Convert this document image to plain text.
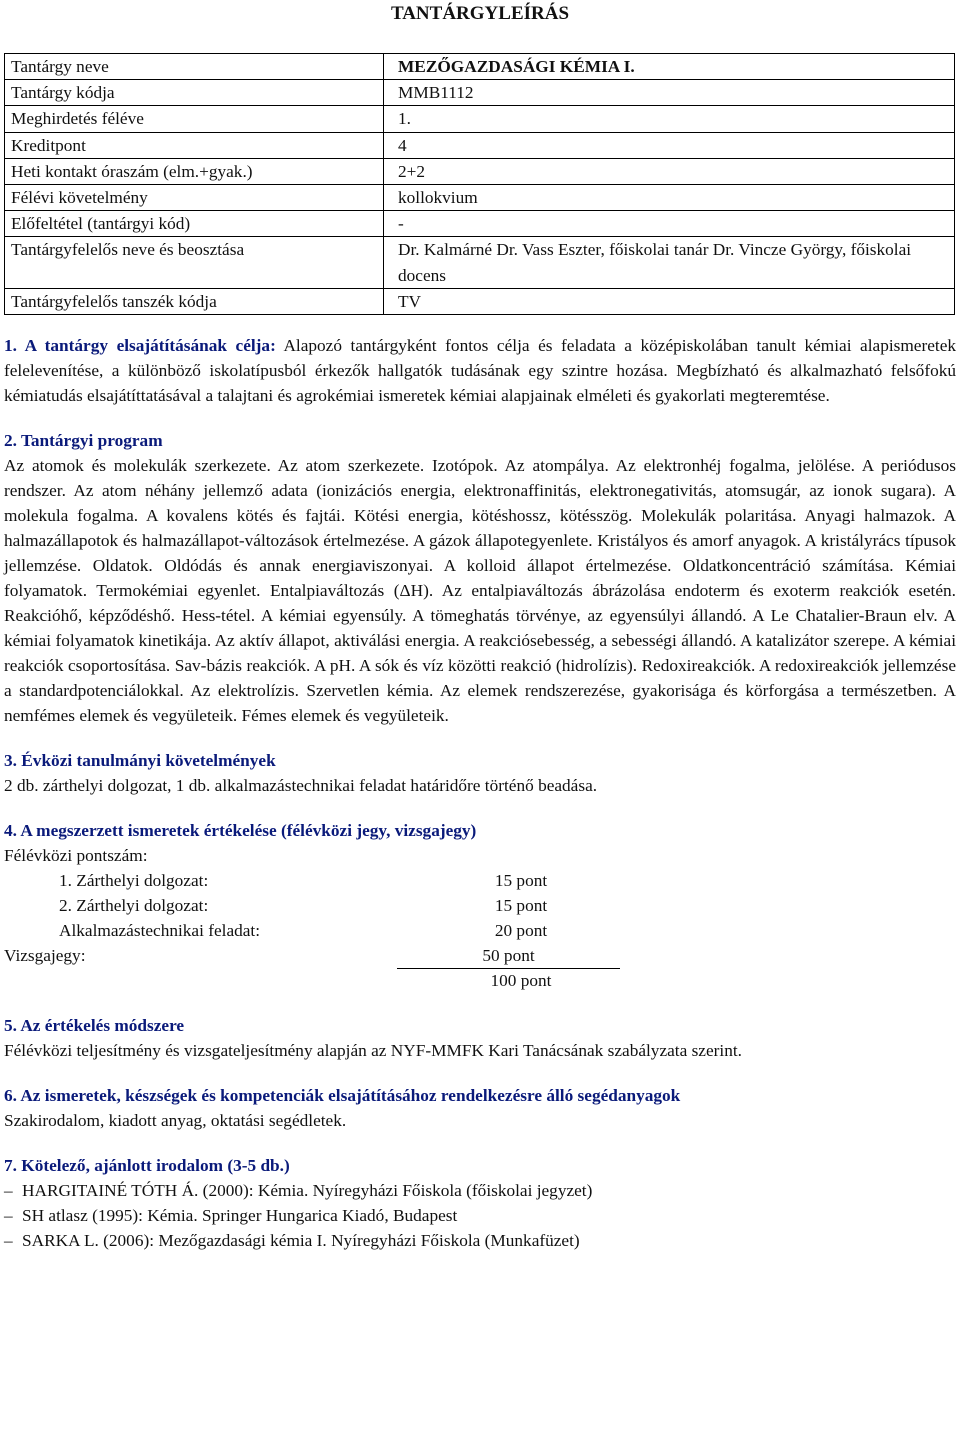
TANTÁRGYLEÍRÁS
Tantárgy neve	MEZŐGAZDASÁGI KÉMIA I.
Tantárgy kódja	MMB1112
Meghirdetés féléve	1.
Kreditpont	4
Heti kontakt óraszám (elm.+gyak.)	2+2
Félévi követelmény	kollokvium
Előfeltétel (tantárgyi kód)	-
Tantárgyfelelős neve és beosztása	Dr. Kalmárné Dr. Vass Eszter, főiskolai tanár Dr. Vincze György, főiskolai docens
Tantárgyfelelős tanszék kódja	TV

1. A tantárgy elsajátításának célja: Alapozó tantárgyként fontos célja és feladata a középiskolában tanult kémiai alapismeretek felelevenítése, a különböző iskolatípusból érkezők hallgatók tudásának egy szintre hozása. Megbízható és alkalmazható felsőfokú kémiatudás elsajátíttatásával a talajtani és agrokémiai ismeretek kémiai alapjainak elméleti és gyakorlati megteremtése.

2. Tantárgyi program

Az atomok és molekulák szerkezete. Az atom szerkezete. Izotópok. Az atompálya. Az elektronhéj fogalma, jelölése. A periódusos rendszer. Az atom néhány jellemző adata (ionizációs energia, elektronaffinitás, elektronegativitás, atomsugár, az ionok sugara). A molekula fogalma. A kovalens kötés és fajtái. Kötési energia, kötéshossz, kötésszög. Molekulák polaritása. Anyagi halmazok. A halmazállapotok és halmazállapot-változások értelmezése. A gázok állapotegyenlete. Kristályos és amorf anyagok. A kristályrács típusok jellemzése. Oldatok. Oldódás és annak energiaviszonyai. A kolloid állapot értelmezése. Oldatkoncentráció számítása. Kémiai folyamatok. Termokémiai egyenlet. Entalpiaváltozás (ΔH). Az entalpiaváltozás ábrázolása endoterm és exoterm reakciók esetén. Reakcióhő, képződéshő. Hess-tétel. A kémiai egyensúly. A tömeghatás törvénye, az egyensúlyi állandó. A Le Chatalier-Braun elv. A kémiai folyamatok kinetikája. Az aktív állapot, aktiválási energia. A reakciósebesség, a sebességi állandó. A katalizátor szerepe. A kémiai reakciók csoportosítása. Sav-bázis reakciók. A pH. A sók és víz közötti reakció (hidrolízis). Redoxireakciók. A redoxireakciók jellemzése a standardpotenciálokkal. Az elektrolízis. Szervetlen kémia. Az elemek rendszerezése, gyakorisága és körforgása a természetben. A nemfémes elemek és vegyületeik. Fémes elemek és vegyületeik.

3. Évközi tanulmányi követelmények

2 db. zárthelyi dolgozat, 1 db. alkalmazástechnikai feladat határidőre történő beadása.

4. A megszerzett ismeretek értékelése (félévközi jegy, vizsgajegy)
Félévközi pontszám:
	1. Zárthelyi dolgozat:	15 pont
	2. Zárthelyi dolgozat:	15 pont
	Alkalmazástechnikai feladat:	20 pont
Vizsgajegy:	50 pont
100 pont
5. Az értékelés módszere

Félévközi teljesítmény és vizsgateljesítmény alapján az NYF-MMFK Kari Tanácsának szabályzata szerint.

6. Az ismeretek, készségek és kompetenciák elsajátításához rendelkezésre álló segédanyagok

Szakirodalom, kiadott anyag, oktatási segédletek.

7. Kötelező, ajánlott irodalom (3-5 db.)
– HARGITAINÉ TÓTH Á. (2000): Kémia. Nyíregyházi Főiskola (főiskolai jegyzet)
– SH atlasz (1995): Kémia. Springer Hungarica Kiadó, Budapest
– SARKA L. (2006): Mezőgazdasági kémia I. Nyíregyházi Főiskola (Munkafüzet)
